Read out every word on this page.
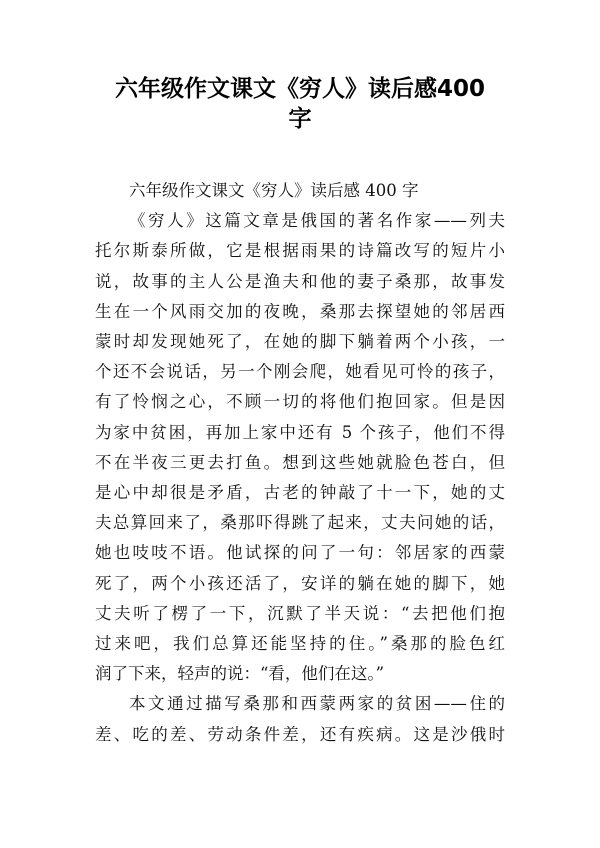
六年级作文课文《穷人》读后感400
字
六年级作文课文《穷人》读后感 400 字
《穷人》这篇文章是俄国的著名作家——列夫
托尔斯泰所做，它是根据雨果的诗篇改写的短片小
说，故事的主人公是渔夫和他的妻子桑那，故事发
生在一个风雨交加的夜晚，桑那去探望她的邻居西
蒙时却发现她死了，在她的脚下躺着两个小孩，一
个还不会说话，另一个刚会爬，她看见可怜的孩子，
有了怜悯之心，不顾一切的将他们抱回家。但是因
为家中贫困，再加上家中还有 5 个孩子，他们不得
不在半夜三更去打鱼。想到这些她就脸色苍白，但
是心中却很是矛盾，古老的钟敲了十一下，她的丈
夫总算回来了，桑那吓得跳了起来，丈夫问她的话，
她也吱吱不语。他试探的问了一句：邻居家的西蒙
死了，两个小孩还活了，安详的躺在她的脚下，她
丈夫听了楞了一下，沉默了半天说：“去把他们抱
过来吧，我们总算还能坚持的住。”桑那的脸色红
润了下来，轻声的说：“看，他们在这。”
本文通过描写桑那和西蒙两家的贫困——住的
差、吃的差、劳动条件差，还有疾病。这是沙俄时
